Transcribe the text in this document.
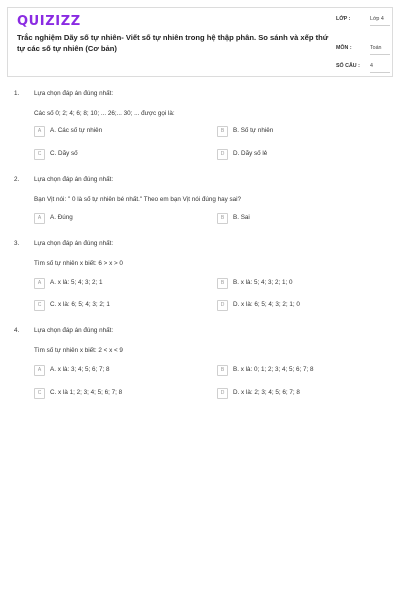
QUIZIZZ
Trắc nghiệm Dãy số tự nhiên- Viết số tự nhiên trong hệ thập phân. So sánh và xếp thứ tự các số tự nhiên (Cơ bản)
LỚP :	Lớp 4
MÔN :	Toán
SỐ CÂU : 4
1. Lựa chọn đáp án đúng nhất:
Các số 0; 2; 4; 6; 8; 10; ... 26;... 30; ... được gọi là:
A	A. Các số tự nhiên	B	B. Số tự nhiên
C	C. Dãy số	D	D. Dãy số lẻ
2. Lựa chọn đáp án đúng nhất:
Bạn Vịt nói: " 0 là số tự nhiên bé nhất." Theo em bạn Vịt nói đúng hay sai?
A	A. Đúng	B	B. Sai
3. Lựa chọn đáp án đúng nhất:
Tìm số tự nhiên x biết: 6 > x > 0
A	A. x là: 5; 4; 3; 2; 1	B	B. x là: 5; 4; 3; 2; 1; 0
C	C. x là: 6; 5; 4; 3; 2; 1	D	D. x là: 6; 5; 4; 3; 2; 1; 0
4. Lựa chọn đáp án đúng nhất:
Tìm số tự nhiên x biết: 2 < x < 9
A	A. x là: 3; 4; 5; 6; 7; 8	B	B. x là: 0; 1; 2; 3; 4; 5; 6; 7; 8
C	C. x là 1; 2; 3; 4; 5; 6; 7; 8	D	D. x là: 2; 3; 4; 5; 6; 7; 8
